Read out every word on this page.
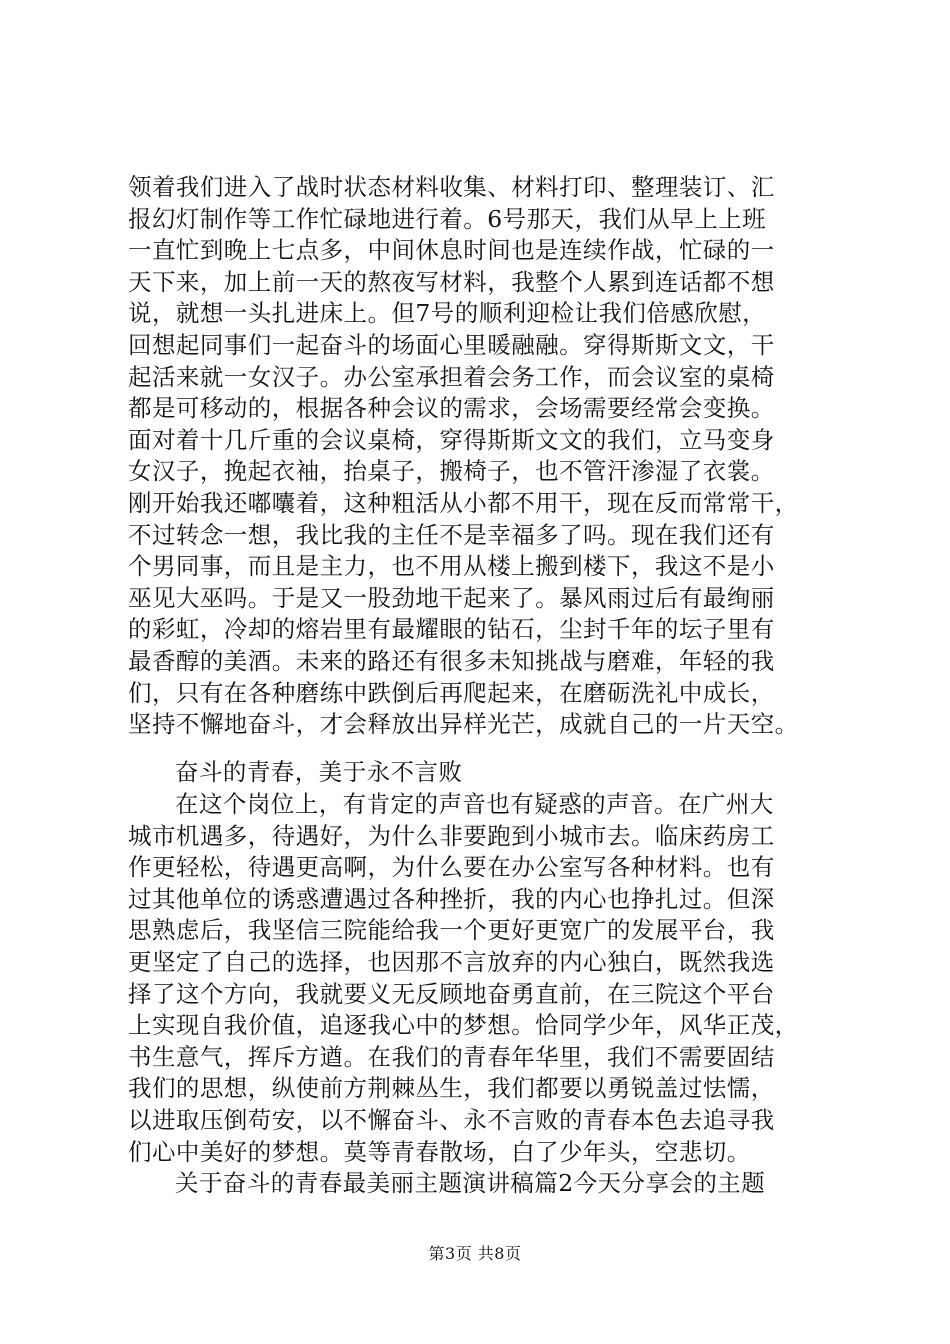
领着我们进入了战时状态材料收集、材料打印、整理装订、汇
报幻灯制作等工作忙碌地进行着。6号那天，我们从早上上班
一直忙到晚上七点多，中间休息时间也是连续作战，忙碌的一
天下来，加上前一天的熬夜写材料，我整个人累到连话都不想
说，就想一头扎进床上。但7号的顺利迎检让我们倍感欣慰，
回想起同事们一起奋斗的场面心里暖融融。穿得斯斯文文，干
起活来就一女汉子。办公室承担着会务工作，而会议室的桌椅
都是可移动的，根据各种会议的需求，会场需要经常会变换。
面对着十几斤重的会议桌椅，穿得斯斯文文的我们，立马变身
女汉子，挽起衣袖，抬桌子，搬椅子，也不管汗渗湿了衣裳。
刚开始我还嘟囔着，这种粗活从小都不用干，现在反而常常干，
不过转念一想，我比我的主任不是幸福多了吗。现在我们还有
个男同事，而且是主力，也不用从楼上搬到楼下，我这不是小
巫见大巫吗。于是又一股劲地干起来了。暴风雨过后有最绚丽
的彩虹，冷却的熔岩里有最耀眼的钻石，尘封千年的坛子里有
最香醇的美酒。未来的路还有很多未知挑战与磨难，年轻的我
们，只有在各种磨练中跌倒后再爬起来，在磨砺洗礼中成长，
坚持不懈地奋斗，才会释放出异样光芒，成就自己的一片天空。
奋斗的青春，美于永不言败
在这个岗位上，有肯定的声音也有疑惑的声音。在广州大
城市机遇多，待遇好，为什么非要跑到小城市去。临床药房工
作更轻松，待遇更高啊，为什么要在办公室写各种材料。也有
过其他单位的诱惑遭遇过各种挫折，我的内心也挣扎过。但深
思熟虑后，我坚信三院能给我一个更好更宽广的发展平台，我
更坚定了自己的选择，也因那不言放弃的内心独白，既然我选
择了这个方向，我就要义无反顾地奋勇直前，在三院这个平台
上实现自我价值，追逐我心中的梦想。恰同学少年，风华正茂，
书生意气，挥斥方遒。在我们的青春年华里，我们不需要固结
我们的思想，纵使前方荆棘丛生，我们都要以勇锐盖过怯懦，
以进取压倒苟安，以不懈奋斗、永不言败的青春本色去追寻我
们心中美好的梦想。莫等青春散场，白了少年头，空悲切。
关于奋斗的青春最美丽主题演讲稿篇2今天分享会的主题
第3页 共8页
